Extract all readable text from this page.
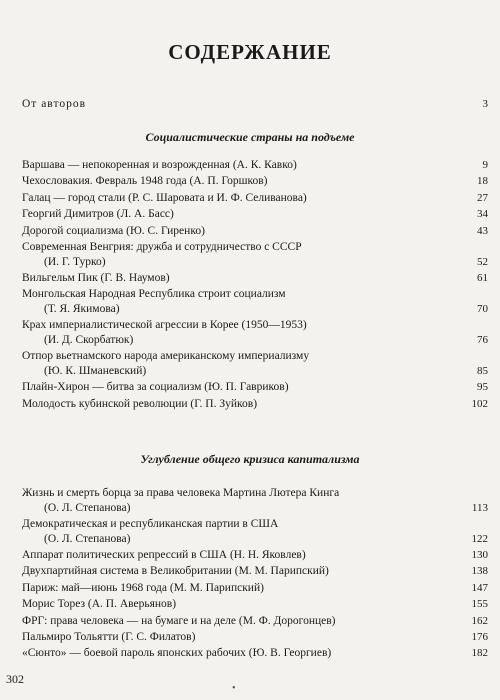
СОДЕРЖАНИЕ
От авторов	3
Социалистические страны на подъеме
Углубление общего кризиса капитализма
Варшава — непокоренная и возрожденная (А. К. Кавко)	9
Чехословакия. Февраль 1948 года (А. П. Горшков)	18
Галац — город стали (Р. С. Шаровата и И. Ф. Селиванова)	27
Георгий Димитров (Л. А. Басс)	34
Дорогой социализма (Ю. С. Гиренко)	43
Современная Венгрия: дружба и сотрудничество с СССР
(И. Г. Турко)	52
Вильгельм Пик (Г. В. Наумов)	61
Монгольская Народная Республика строит социализм
(Т. Я. Якимова)	70
Крах империалистической агрессии в Корее (1950—1953)
(И. Д. Скорбатюк)	76
Отпор вьетнамского народа американскому империализму
(Ю. К. Шманевский)	85
Плайн-Хирон — битва за социализм (Ю. П. Гавриков)	95
Молодость кубинской революции (Г. П. Зуйков)	102
Жизнь и смерть борца за права человека Мартина Лютера Кинга
(О. Л. Степанова)	113
Демократическая и республиканская партии в США
(О. Л. Степанова)	122
Аппарат политических репрессий в США (Н. Н. Яковлев)	130
Двухпартийная система в Великобритании (М. М. Парипский)	138
Париж: май—июнь 1968 года (М. М. Парипский)	147
Морис Торез (А. П. Аверьянов)	155
ФРГ: права человека — на бумаге и на деле (М. Ф. Дорогонцев)	162
Пальмиро Тольятти (Г. С. Филатов)	176
«Сюнто» — боевой пароль японских рабочих (Ю. В. Георгиев)	182
302
•
